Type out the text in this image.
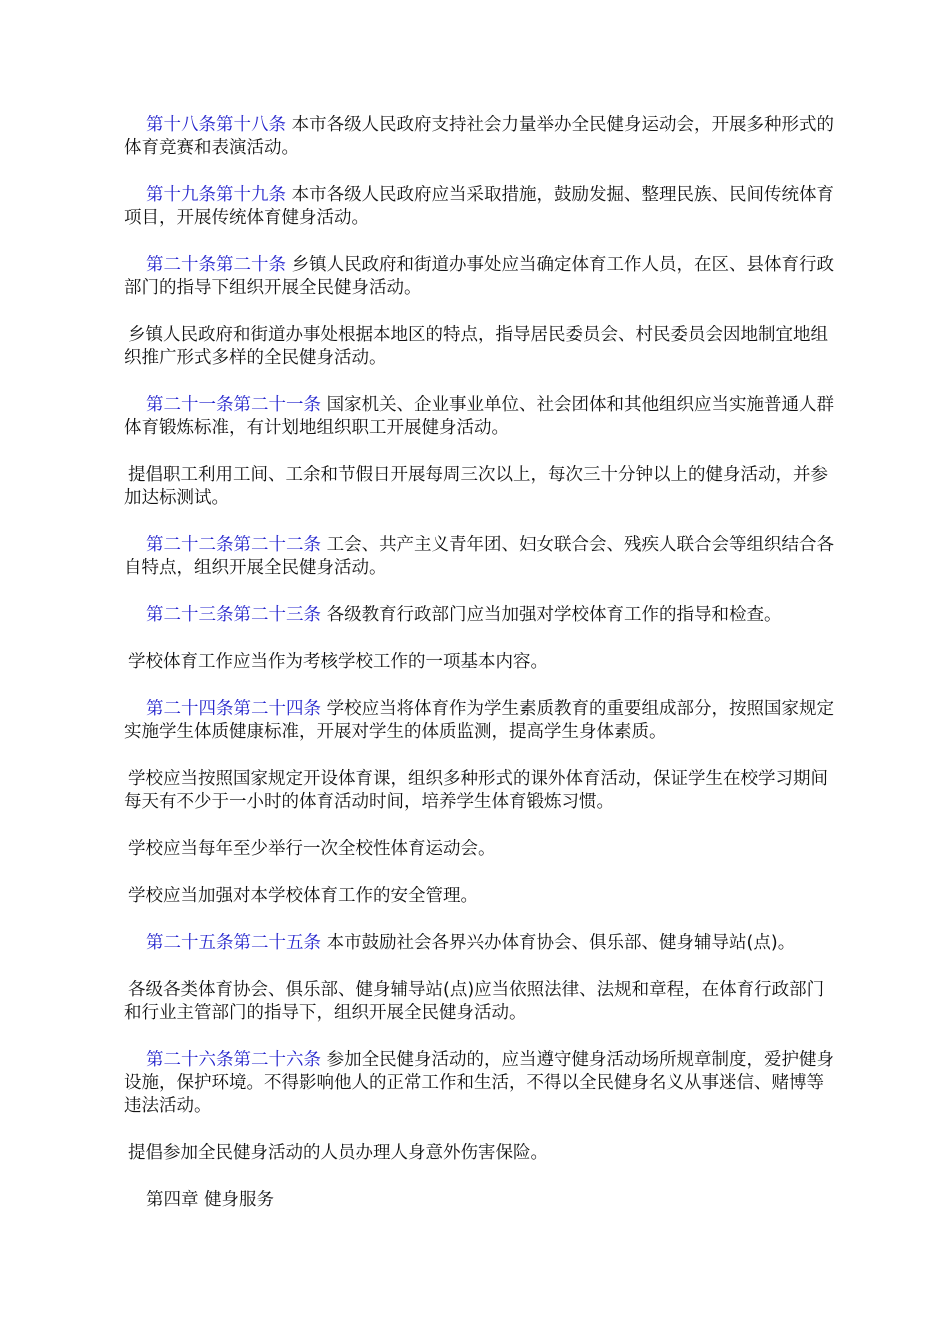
第十八条第十八条 本市各级人民政府支持社会力量举办全民健身运动会，开展多种形式的体育竞赛和表演活动。

第十九条第十九条 本市各级人民政府应当采取措施，鼓励发掘、整理民族、民间传统体育项目，开展传统体育健身活动。

第二十条第二十条 乡镇人民政府和街道办事处应当确定体育工作人员，在区、县体育行政部门的指导下组织开展全民健身活动。

乡镇人民政府和街道办事处根据本地区的特点，指导居民委员会、村民委员会因地制宜地组织推广形式多样的全民健身活动。

第二十一条第二十一条 国家机关、企业事业单位、社会团体和其他组织应当实施普通人群体育锻炼标准，有计划地组织职工开展健身活动。

提倡职工利用工间、工余和节假日开展每周三次以上，每次三十分钟以上的健身活动，并参加达标测试。

第二十二条第二十二条 工会、共产主义青年团、妇女联合会、残疾人联合会等组织结合各自特点，组织开展全民健身活动。

第二十三条第二十三条 各级教育行政部门应当加强对学校体育工作的指导和检查。

学校体育工作应当作为考核学校工作的一项基本内容。

第二十四条第二十四条 学校应当将体育作为学生素质教育的重要组成部分，按照国家规定实施学生体质健康标准，开展对学生的体质监测，提高学生身体素质。

学校应当按照国家规定开设体育课，组织多种形式的课外体育活动，保证学生在校学习期间每天有不少于一小时的体育活动时间，培养学生体育锻炼习惯。

学校应当每年至少举行一次全校性体育运动会。

学校应当加强对本学校体育工作的安全管理。

第二十五条第二十五条 本市鼓励社会各界兴办体育协会、俱乐部、健身辅导站(点)。

各级各类体育协会、俱乐部、健身辅导站(点)应当依照法律、法规和章程，在体育行政部门和行业主管部门的指导下，组织开展全民健身活动。

第二十六条第二十六条 参加全民健身活动的，应当遵守健身活动场所规章制度，爱护健身设施，保护环境。不得影响他人的正常工作和生活，不得以全民健身名义从事迷信、赌博等违法活动。

提倡参加全民健身活动的人员办理人身意外伤害保险。

第四章 健身服务
